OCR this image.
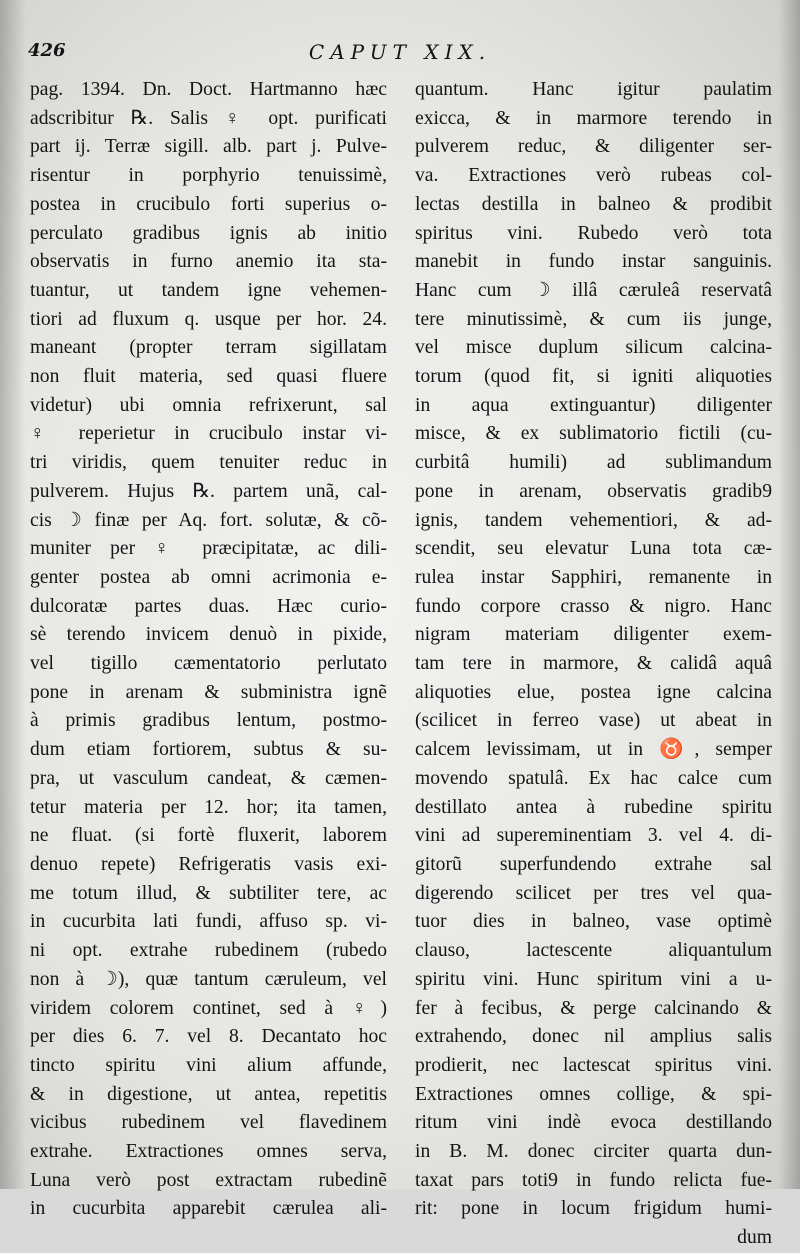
426	CAPUT XIX.
pag. 1394. Dn. Doct. Hartmanno hæc
adscribitur ℞. Salis ♀ opt. purificati
part ij. Terræ sigill. alb. part j. Pulve-
risentur in porphyrio tenuissimè,
postea in crucibulo forti superius o-
perculato gradibus ignis ab initio
observatis in furno anemio ita sta-
tuantur, ut tandem igne vehemen-
tiori ad fluxum q. usque per hor. 24.
maneant (propter terram sigillatam
non fluit materia, sed quasi fluere
videtur) ubi omnia refrixerunt, sal
♀ reperietur in crucibulo instar vi-
tri viridis, quem tenuiter reduc in
pulverem. Hujus ℞. partem unã, cal-
cis ☽ finæ per Aq. fort. solutæ, & cõ-
muniter per ♀ præcipitatæ, ac dili-
genter postea ab omni acrimonia e-
dulcoratæ partes duas. Hæc curio-
sè terendo invicem denuò in pixide,
vel tigillo cæmentatorio perlutato
pone in arenam & subministra ignẽ
à primis gradibus lentum, postmo-
dum etiam fortiorem, subtus & su-
pra, ut vasculum candeat, & cæmen-
tetur materia per 12. hor; ita tamen,
ne fluat. (si fortè fluxerit, laborem
denuo repete) Refrigeratis vasis exi-
me totum illud, & subtiliter tere, ac
in cucurbita lati fundi, affuso sp. vi-
ni opt. extrahe rubedinem (rubedo
non à ☽), quæ tantum cæruleum, vel
viridem colorem continet, sed à ♀)
per dies 6. 7. vel 8. Decantato hoc
tincto spiritu vini alium affunde,
& in digestione, ut antea, repetitis
vicibus rubedinem vel flavedinem
extrahe. Extractiones omnes serva,
Luna verò post extractam rubedinẽ
in cucurbita apparebit cærulea ali-
quantum. Hanc igitur paulatim
exicca, & in marmore terendo in
pulverem reduc, & diligenter ser-
va. Extractiones verò rubeas col-
lectas destilla in balneo & prodibit
spiritus vini. Rubedo verò tota
manebit in fundo instar sanguinis.
Hanc cum ☽ illâ cæruleâ reservatâ
tere minutissimè, & cum iis junge,
vel misce duplum silicum calcina-
torum (quod fit, si igniti aliquoties
in aqua extinguantur) diligenter
misce, & ex sublimatorio fictili (cu-
curbitâ humili) ad sublimandum
pone in arenam, observatis gradib9
ignis, tandem vehementiori, & ad-
scendit, seu elevatur Luna tota cæ-
rulea instar Sapphiri, remanente in
fundo corpore crasso & nigro. Hanc
nigram materiam diligenter exem-
tam tere in marmore, & calidâ aquâ
aliquoties elue, postea igne calcina
(scilicet in ferreo vase) ut abeat in
calcem levissimam, ut in ♉, semper
movendo spatulâ. Ex hac calce cum
destillato antea à rubedine spiritu
vini ad supereminentiam 3. vel 4. di-
gitorũ superfundendo extrahe sal
digerendo scilicet per tres vel qua-
tuor dies in balneo, vase optimè
clauso, lactescente aliquantulum
spiritu vini. Hunc spiritum vini a u-
fer à fecibus, & perge calcinando &
extrahendo, donec nil amplius salis
prodierit, nec lactescat spiritus vini.
Extractiones omnes collige, & spi-
ritum vini indè evoca destillando
in B. M. donec circiter quarta dun-
taxat pars toti9 in fundo relicta fue-
rit: pone in locum frigidum humi-
dum
